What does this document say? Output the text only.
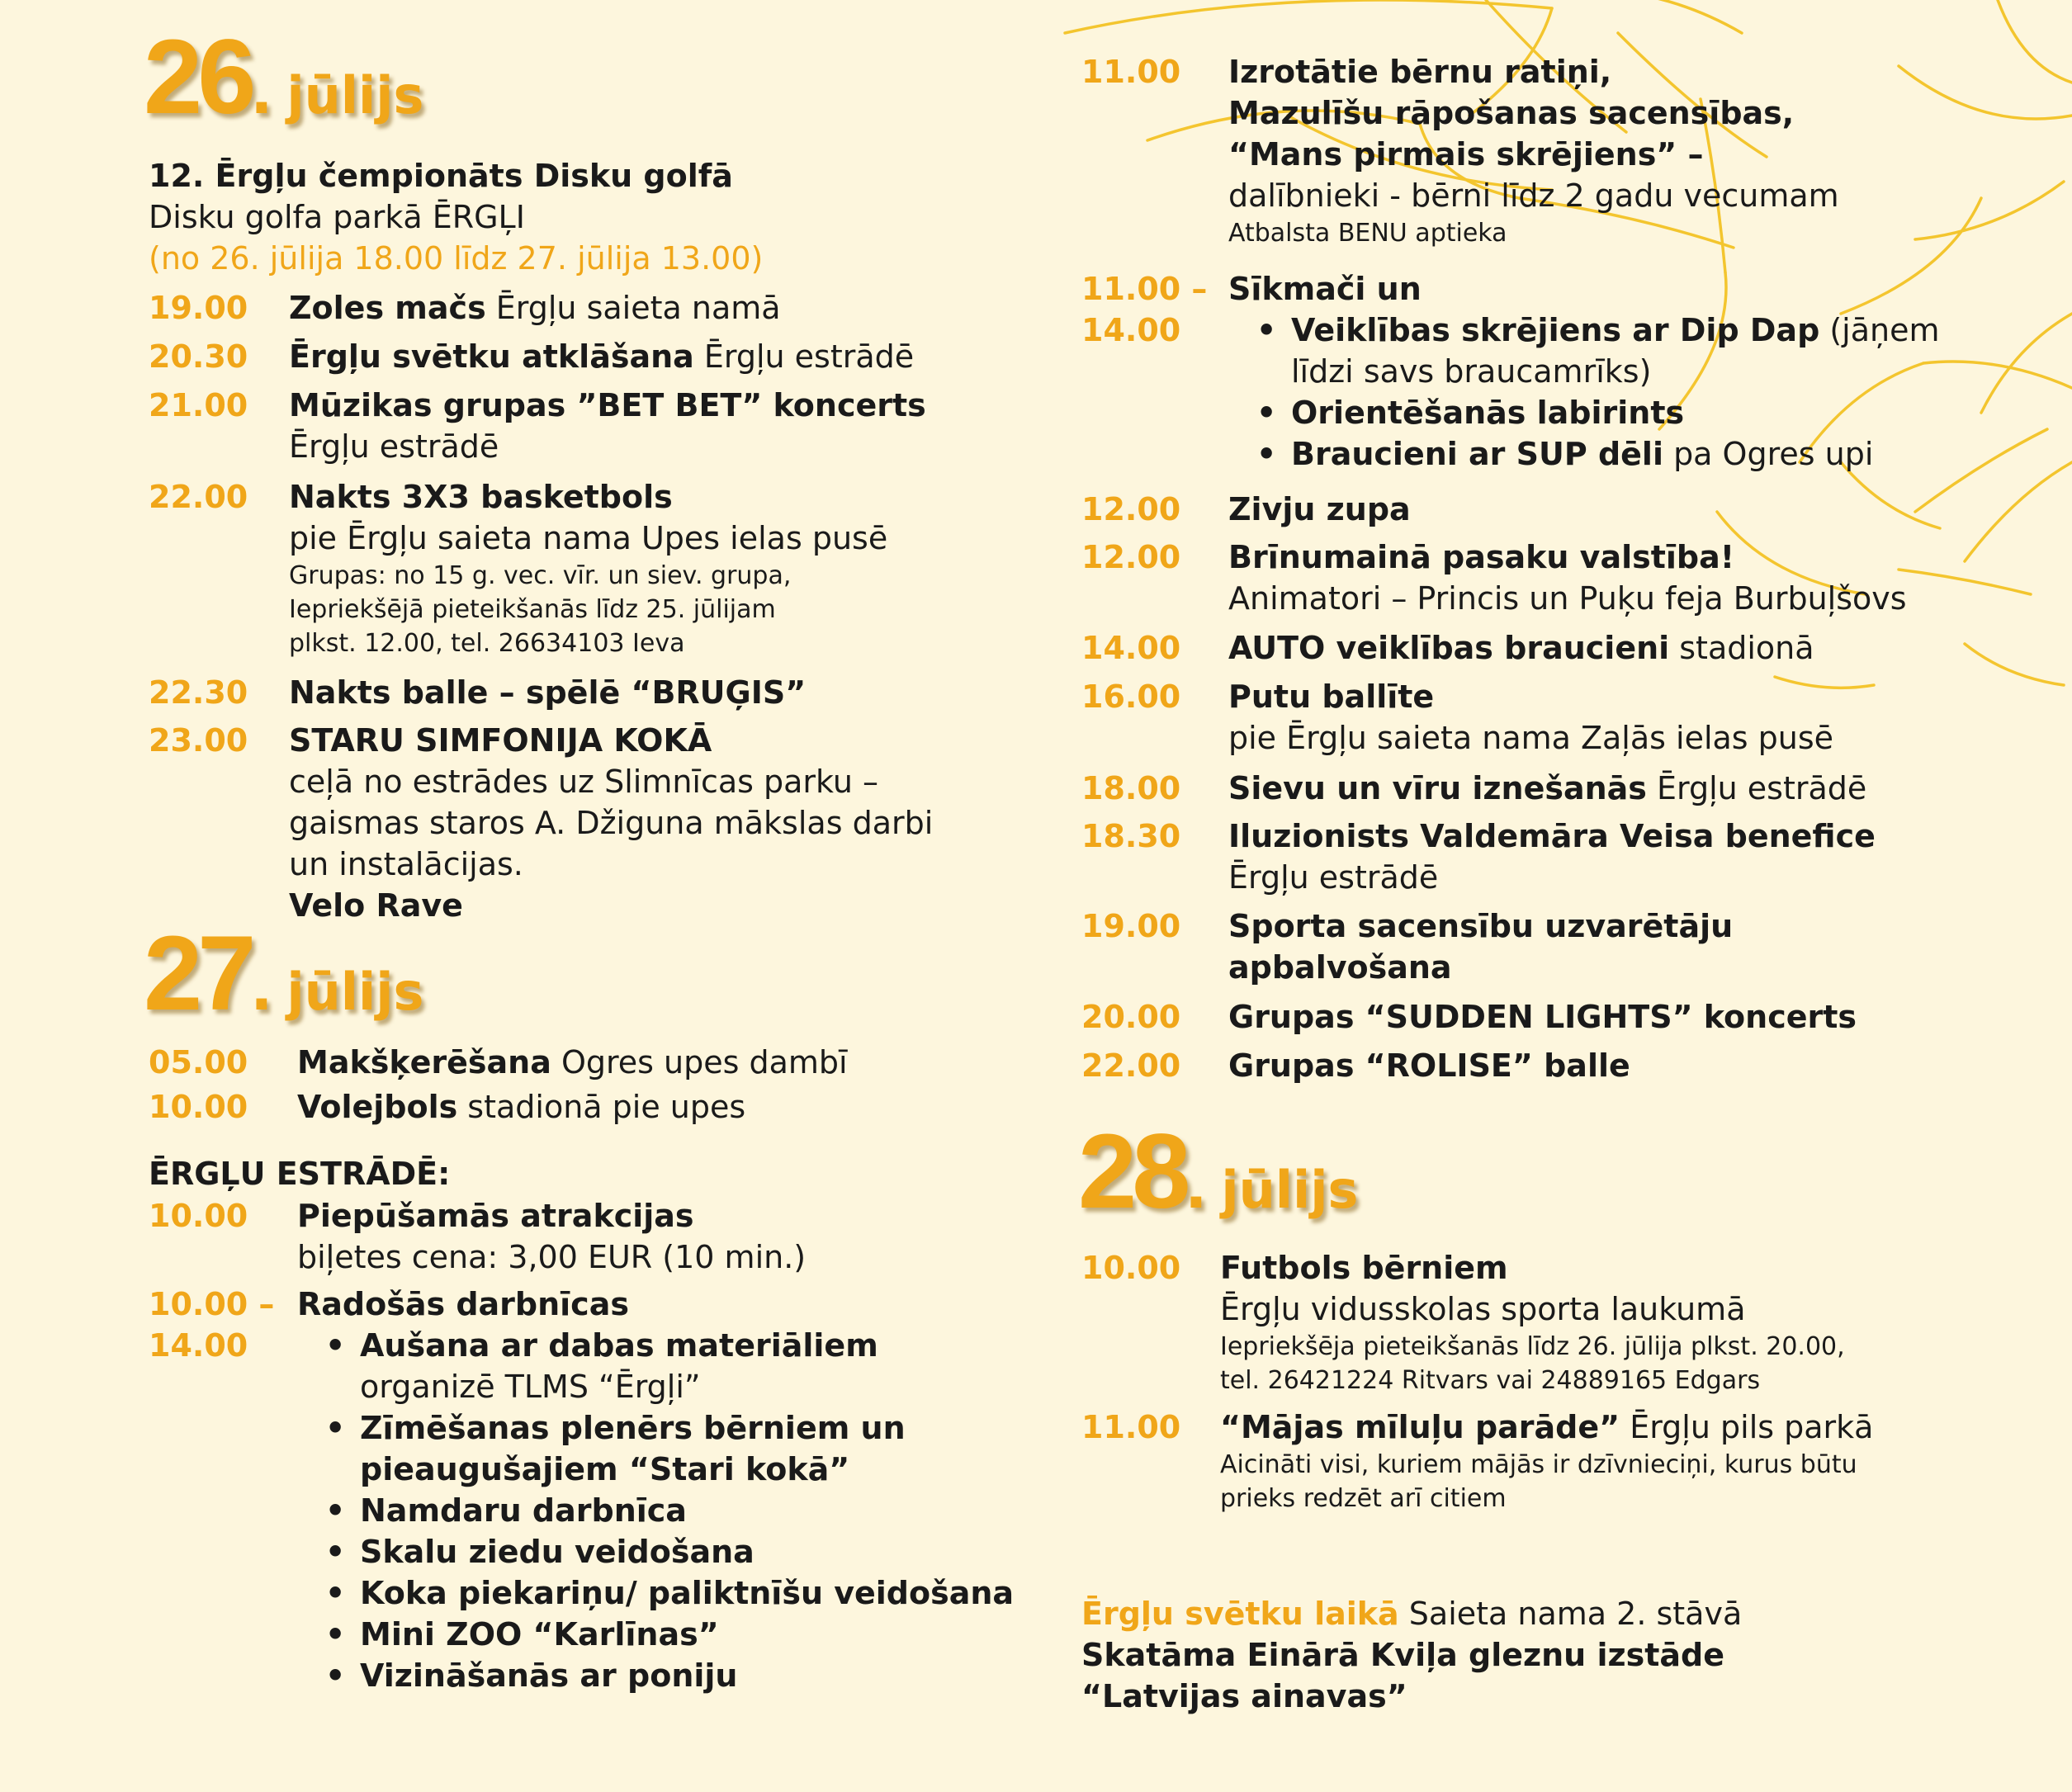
26. jūlijs

12. Ērgļu čempionāts Disku golfā

Disku golfa parkā ĒRGĻI

(no 26. jūlija 18.00 līdz 27. jūlija 13.00)

19.00 Zoles mačs Ērgļu saieta namā

20.30 Ērgļu svētku atklāšana Ērgļu estrādē

21.00 Mūzikas grupas ”BET BET” koncerts

Ērgļu estrādē

22.00 Nakts 3X3 basketbols

pie Ērgļu saieta nama Upes ielas pusē

Grupas: no 15 g. vec. vīr. un siev. grupa,

Iepriekšējā pieteikšanās līdz 25. jūlijam

plkst. 12.00, tel. 26634103 Ieva

22.30 Nakts balle – spēlē “BRUĢIS”

23.00 STARU SIMFONIJA KOKĀ

ceļā no estrādes uz Slimnīcas parku –

gaismas staros A. Džiguna mākslas darbi

un instalācijas.

Velo Rave

27. jūlijs
05.00 Makšķerēšana Ogres upes dambī

10.00 Volejbols stadionā pie upes

ĒRGĻU ESTRĀDĒ:
10.00 Piepūšamās atrakcijas

biļetes cena: 3,00 EUR (10 min.)

10.00 –
14.00

Radošās darbnīcas

• Aušana ar dabas materiāliem

organizē TLMS “Ērgļi”

• Zīmēšanas plenērs bērniem un

pieaugušajiem “Stari kokā”

• Namdaru darbnīca

• Skalu ziedu veidošana

• Koka piekariņu/ paliktnīšu veidošana

• Mini ZOO “Karlīnas”

• Vizināšanās ar poniju

11.00 Izrotātie bērnu ratiņi,

Mazulīšu rāpošanas sacensības,

“Mans pirmais skrējiens” –

dalībnieki - bērni līdz 2 gadu vecumam

Atbalsta BENU aptieka

11.00 –
14.00

Sīkmači un

• Veiklības skrējiens ar Dip Dap (jāņem

līdzi savs braucamrīks)

• Orientēšanās labirints

• Braucieni ar SUP dēli pa Ogres upi

12.00 Zivju zupa

12.00 Brīnumainā pasaku valstība!

Animatori – Princis un Puķu feja Burbuļšovs

14.00 AUTO veiklības braucieni stadionā

16.00 Putu ballīte

pie Ērgļu saieta nama Zaļās ielas pusē

18.00 Sievu un vīru iznešanās Ērgļu estrādē

18.30 Iluzionists Valdemāra Veisa benefice

Ērgļu estrādē

19.00 Sporta sacensību uzvarētāju

apbalvošana

20.00 Grupas “SUDDEN LIGHTS” koncerts

22.00 Grupas “ROLISE” balle

28. jūlijs
10.00 Futbols bērniem

Ērgļu vidusskolas sporta laukumā

Iepriekšēja pieteikšanās līdz 26. jūlija plkst. 20.00,

tel. 26421224 Ritvars vai 24889165 Edgars

11.00 “Mājas mīluļu parāde” Ērgļu pils parkā

Aicināti visi, kuriem mājās ir dzīvnieciņi, kurus būtu

prieks redzēt arī citiem

Ērgļu svētku laikā Saieta nama 2. stāvā

Skatāma Einārā Kviļa gleznu izstāde

“Latvijas ainavas”
